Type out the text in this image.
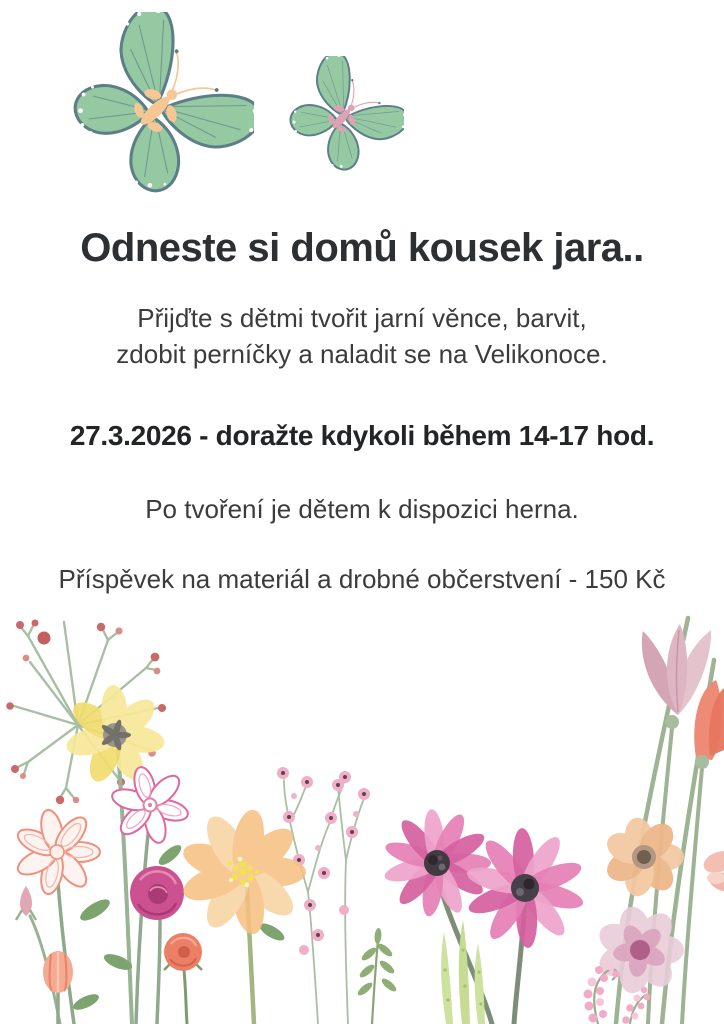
Odneste si domů kousek jara..

Přijďte s dětmi tvořit jarní věnce, barvit,
zdobit perníčky a naladit se na Velikonoce.

27.3.2026 - doražte kdykoli během 14-17 hod.

Po tvoření je dětem k dispozici herna.

Příspěvek na materiál a drobné občerstvení - 150 Kč
